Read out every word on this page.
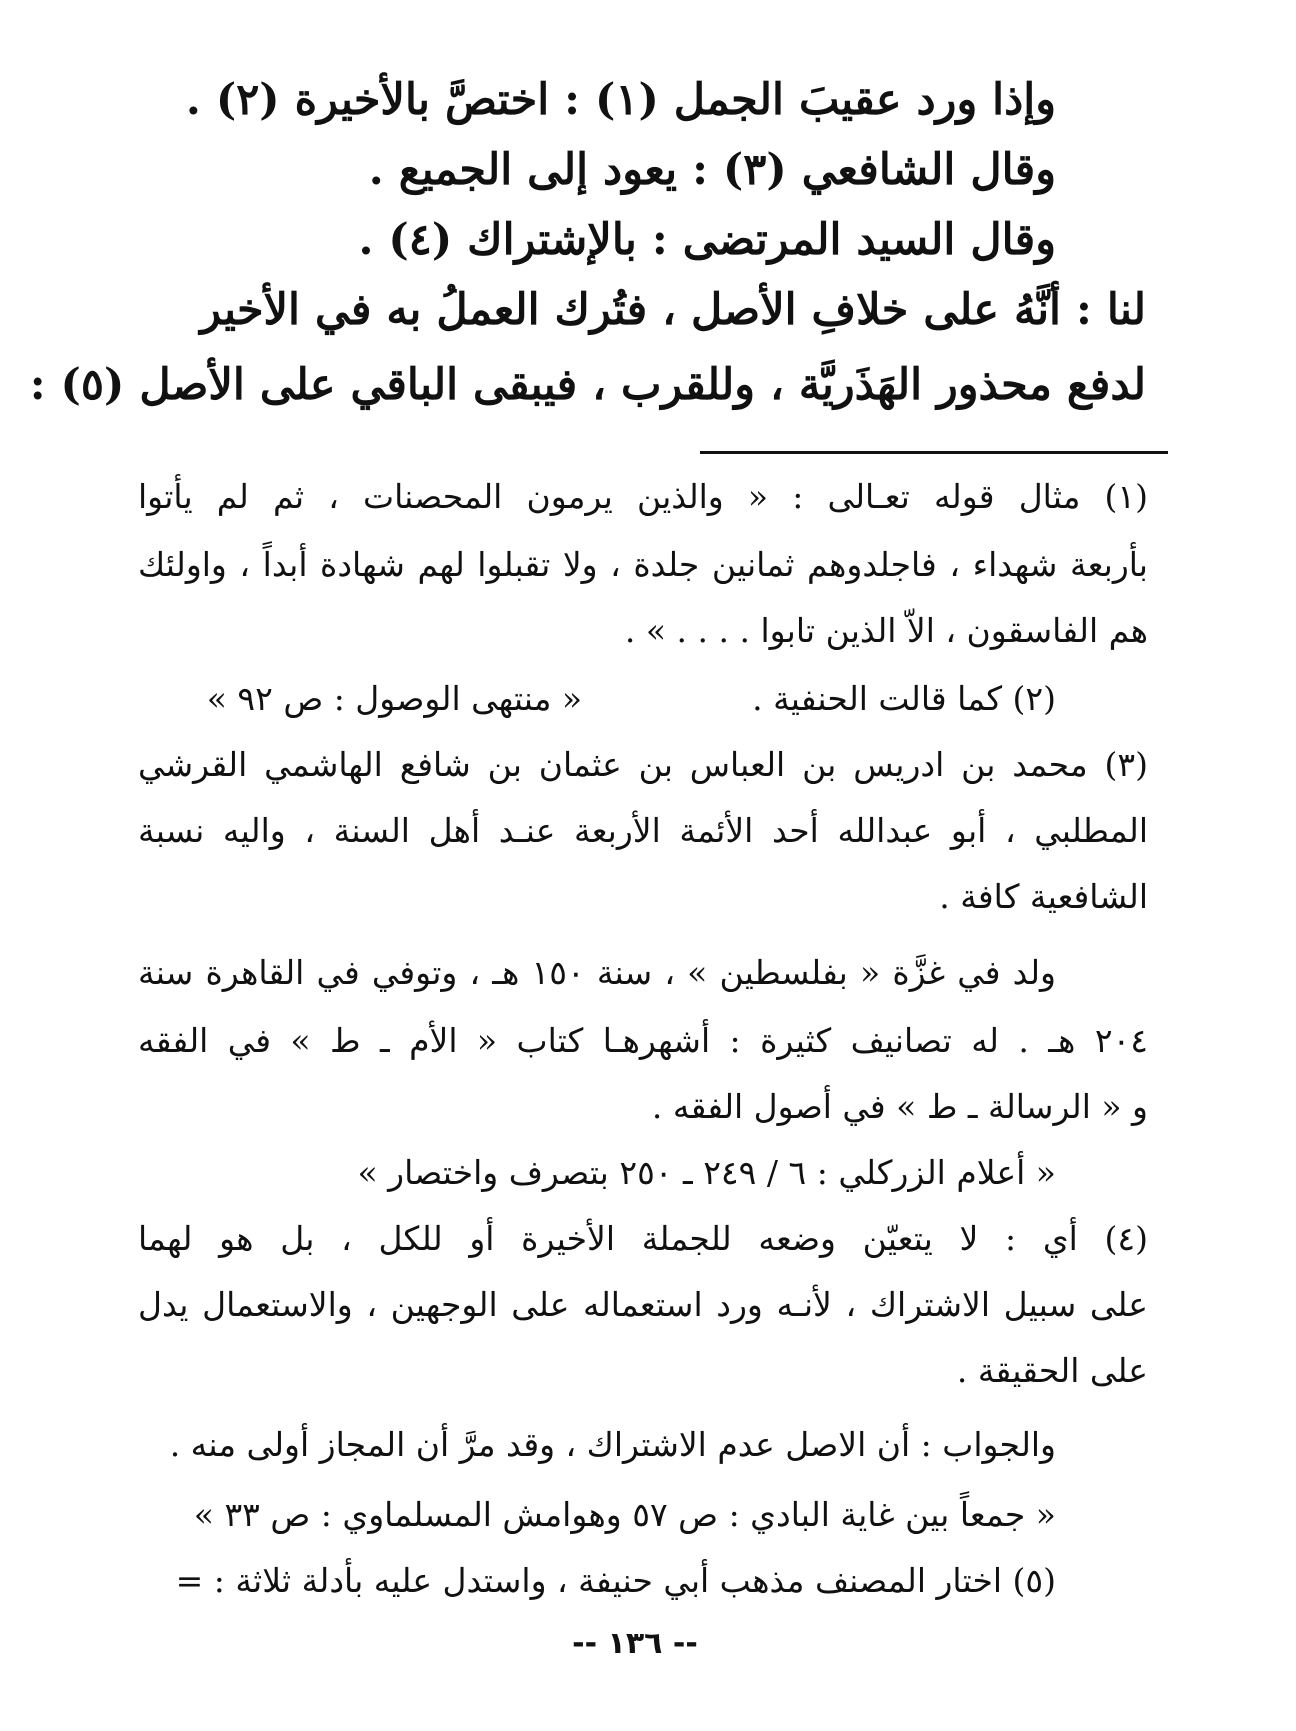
وإذا ورد عقيبَ الجمل (١) : اختصَّ بالأخيرة (٢) .
وقال الشافعي (٣) : يعود إلى الجميع .
وقال السيد المرتضى : بالإشتراك (٤) .
لنا : أنَّهُ على خلافِ الأصل ، فتُرك العملُ به في الأخير
لدفع محذور الهَذَريَّة ، وللقرب ، فيبقى الباقي على الأصل (٥) :
(١) مثال قوله تعـالى : « والذين يرمون المحصنات ، ثم لم يأتوا
بأربعة شهداء ، فاجلدوهم ثمانين جلدة ، ولا تقبلوا لهم شهادة أبداً ، واولئك
هم الفاسقون ، الاّ الذين تابوا . . . . » .
(٢) كما قالت الحنفية .« منتهى الوصول : ص ٩٢ »
(٣) محمد بن ادريس بن العباس بن عثمان بن شافع الهاشمي القرشي
المطلبي ، أبو عبدالله أحد الأئمة الأربعة عنـد أهل السنة ، واليه نسبة
الشافعية كافة .
ولد في غزَّة « بفلسطين » ، سنة ١٥٠ هـ ، وتوفي في القاهرة سنة
٢٠٤ هـ . له تصانيف كثيرة : أشهرهـا كتاب « الأم ـ ط » في الفقه
و « الرسالة ـ ط » في أصول الفقه .
« أعلام الزركلي : ٦ / ٢٤٩ ـ ٢٥٠ بتصرف واختصار »
(٤) أي : لا يتعيّن وضعه للجملة الأخيرة أو للكل ، بل هو لهما
على سبيل الاشتراك ، لأنـه ورد استعماله على الوجهين ، والاستعمال يدل
على الحقيقة .
والجواب : أن الاصل عدم الاشتراك ، وقد مرَّ أن المجاز أولى منه .
« جمعاً بين غاية البادي : ص ٥٧ وهوامش المسلماوي : ص ٣٣ »
(٥) اختار المصنف مذهب أبي حنيفة ، واستدل عليه بأدلة ثلاثة : =
-- ١٣٦ --
